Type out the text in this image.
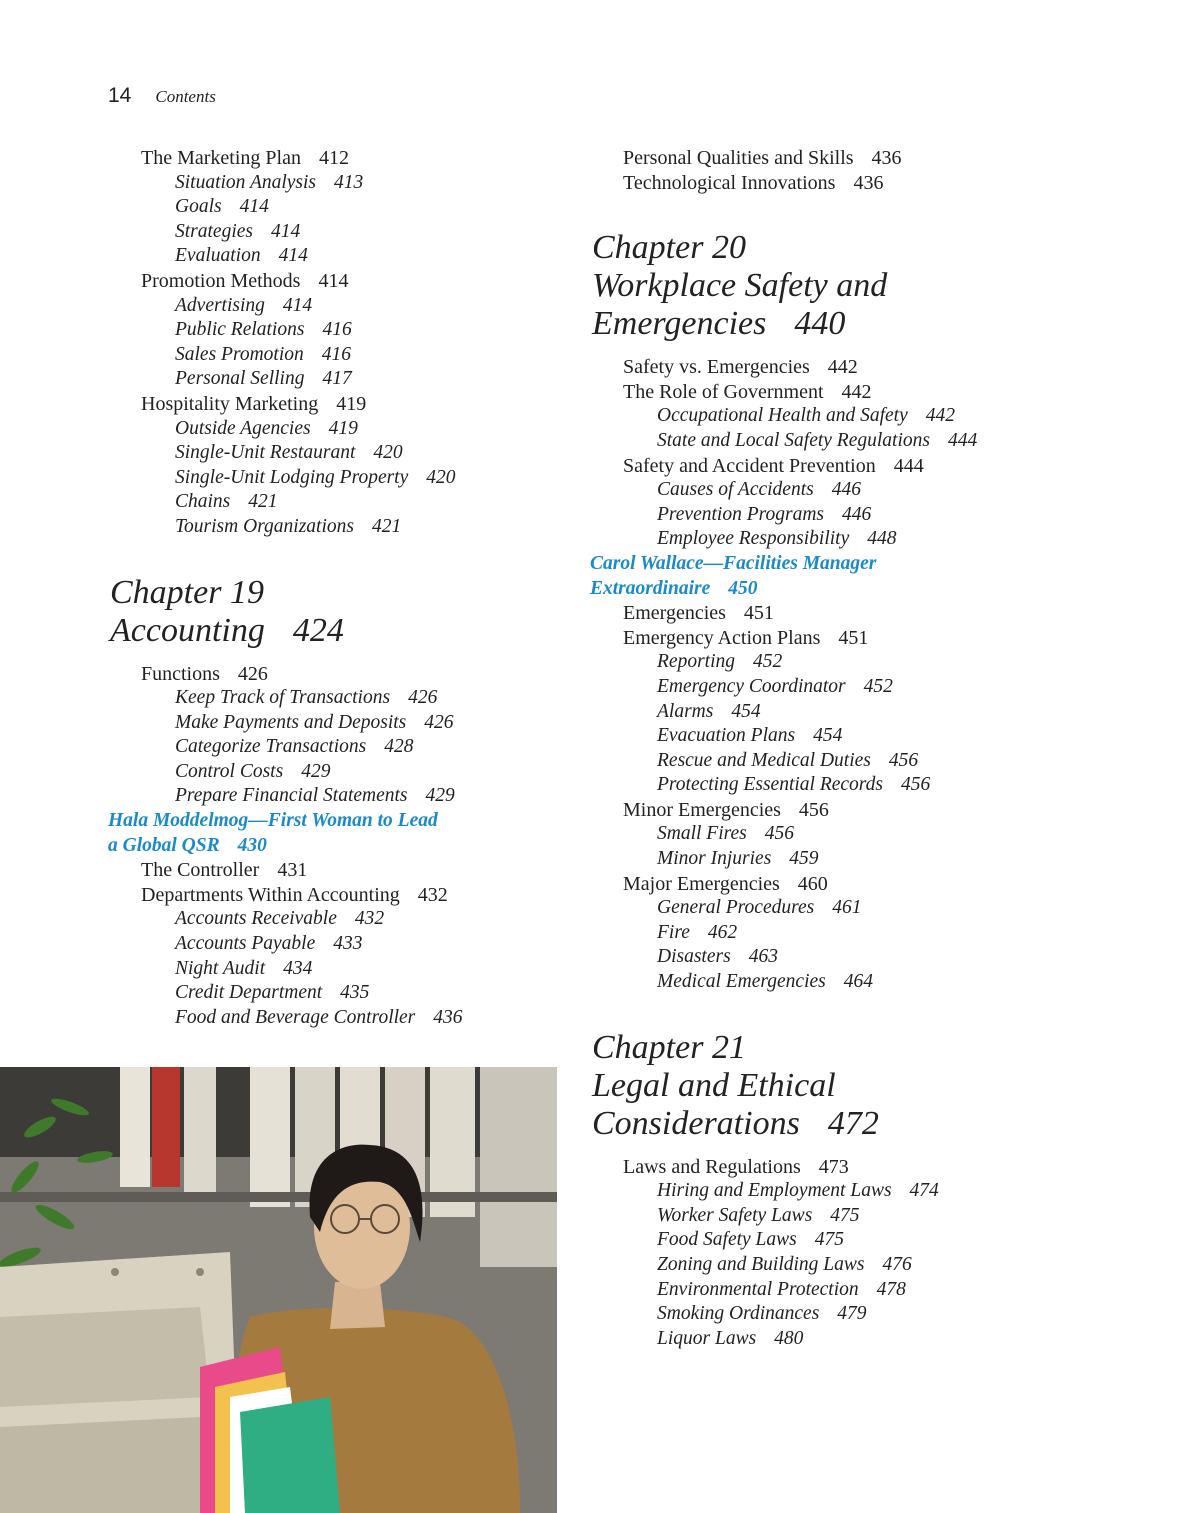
14 Contents
The Marketing Plan 412
Situation Analysis 413
Goals 414
Strategies 414
Evaluation 414
Promotion Methods 414
Advertising 414
Public Relations 416
Sales Promotion 416
Personal Selling 417
Hospitality Marketing 419
Outside Agencies 419
Single-Unit Restaurant 420
Single-Unit Lodging Property 420
Chains 421
Tourism Organizations 421
Chapter 19
Accounting 424
Functions 426
Keep Track of Transactions 426
Make Payments and Deposits 426
Categorize Transactions 428
Control Costs 429
Prepare Financial Statements 429
Hala Moddelmog—First Woman to Lead
a Global QSR 430
The Controller 431
Departments Within Accounting 432
Accounts Receivable 432
Accounts Payable 433
Night Audit 434
Credit Department 435
Food and Beverage Controller 436
Personal Qualities and Skills 436
Technological Innovations 436
Chapter 20
Workplace Safety and
Emergencies 440
Safety vs. Emergencies 442
The Role of Government 442
Occupational Health and Safety 442
State and Local Safety Regulations 444
Safety and Accident Prevention 444
Causes of Accidents 446
Prevention Programs 446
Employee Responsibility 448
Carol Wallace—Facilities Manager
Extraordinaire 450
Emergencies 451
Emergency Action Plans 451
Reporting 452
Emergency Coordinator 452
Alarms 454
Evacuation Plans 454
Rescue and Medical Duties 456
Protecting Essential Records 456
Minor Emergencies 456
Small Fires 456
Minor Injuries 459
Major Emergencies 460
General Procedures 461
Fire 462
Disasters 463
Medical Emergencies 464
Chapter 21
Legal and Ethical
Considerations 472
Laws and Regulations 473
Hiring and Employment Laws 474
Worker Safety Laws 475
Food Safety Laws 475
Zoning and Building Laws 476
Environmental Protection 478
Smoking Ordinances 479
Liquor Laws 480
